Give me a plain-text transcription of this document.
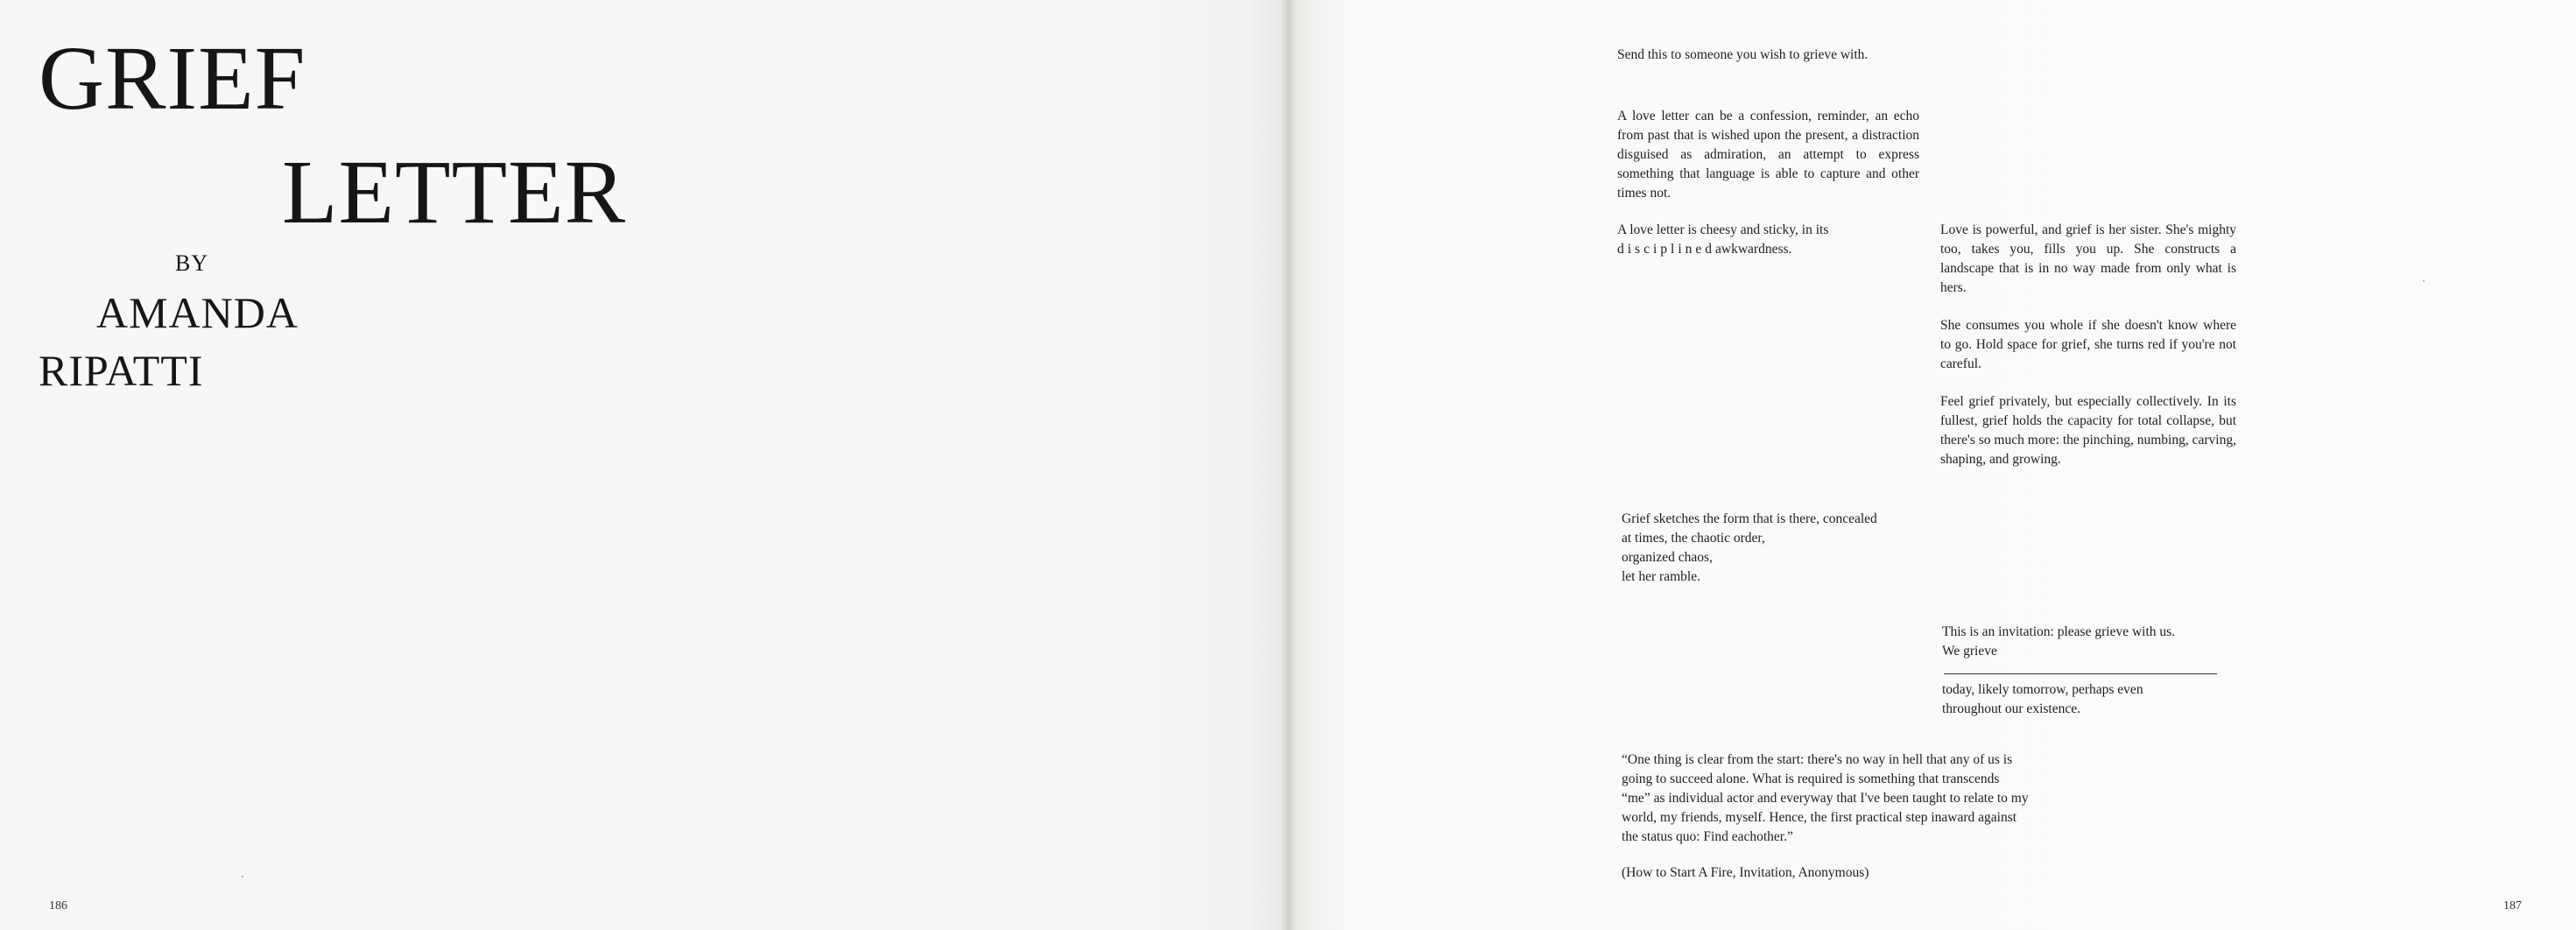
GRIEF
LETTER
BY
AMANDA
RIPATTI

186

Send this to someone you wish to grieve with.

A love letter can be a confession, reminder, an echo from past that is wished upon the present, a distraction disguised as admiration, an attempt to express something that language is able to capture and other times not.

A love letter is cheesy and sticky, in its
disciplinedawkwardness.

Love is powerful, and grief is her sister. She's mighty too, takes you, fills you up. She constructs a landscape that is in no way made from only what is hers.

She consumes you whole if she doesn't know where to go. Hold space for grief, she turns red if you're not careful.

Feel grief privately, but especially collectively. In its fullest, grief holds the capacity for total collapse, but there's so much more: the pinching, numbing, carving, shaping, and growing.

Grief sketches the form that is there, concealed
at times, the chaotic order,
organized chaos,
let her ramble.

This is an invitation: please grieve with us.
We grieve
today, likely tomorrow, perhaps even
throughout our existence.

“One thing is clear from the start: there's no way in hell that any of us is
going to succeed alone. What is required is something that transcends
“me” as individual actor and everyway that I've been taught to relate to my
world, my friends, myself. Hence, the first practical step inaward against
the status quo: Find eachother.”

(How to Start A Fire, Invitation, Anonymous)

187
